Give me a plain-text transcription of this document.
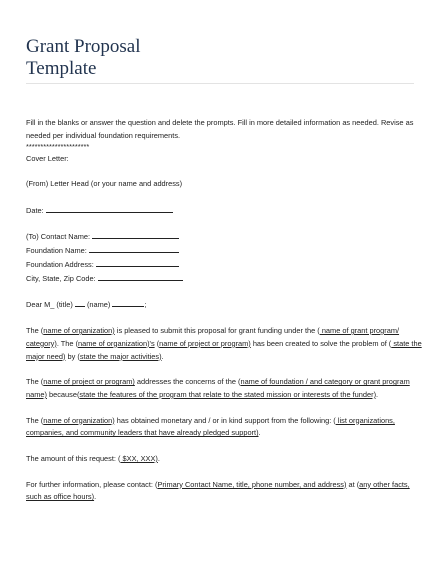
Grant Proposal
Template

Fill in the blanks or answer the question and delete the prompts. Fill in more detailed information as needed. Revise as

needed per individual foundation requirements.

**********************

Cover Letter:

(From) Letter Head (or your name and address)

Date:

(To) Contact Name:

Foundation Name:

Foundation Address:

City, State, Zip Code:

Dear M_ (title) (name)	;

The (name of organization) is pleased to submit this proposal for grant funding under the ( name of grant program/

category). The (name of organization)'s (name of project or program) has been created to solve the problem of ( state the

major need) by (state the major activities).

The (name of project or program) addresses the concerns of the (name of foundation / and category or grant program

name) because(state the features of the program that relate to the stated mission or interests of the funder).

The (name of organization) has obtained monetary and / or in kind support from the following: ( list organizations,

companies, and community leaders that have already pledged support).

The amount of this request: ( $XX, XXX).

For further information, please contact: (Primary Contact Name, title, phone number, and address) at (any other facts,

such as office hours).
